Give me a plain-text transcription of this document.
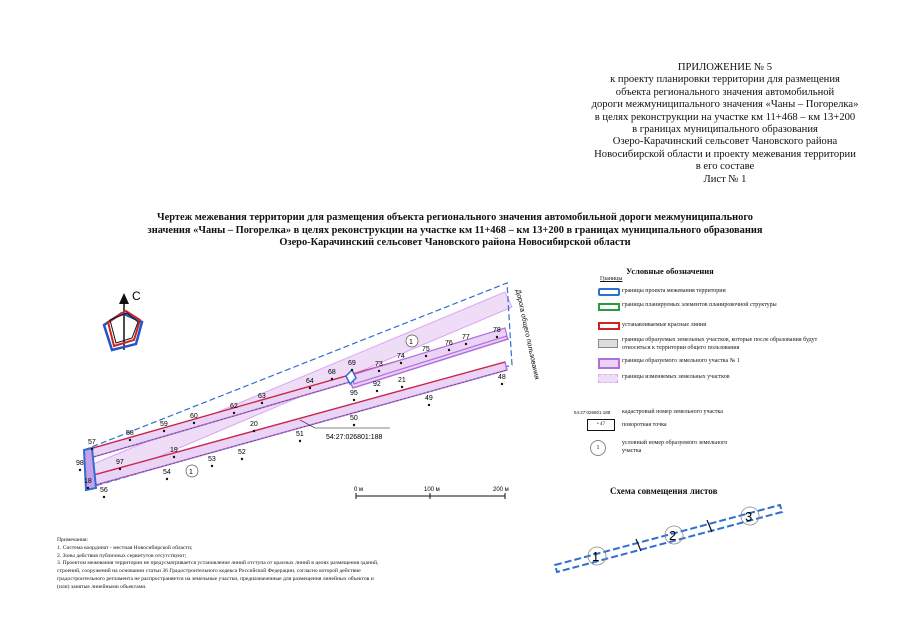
ПРИЛОЖЕНИЕ № 5
к проекту планировки территории для размещения
объекта регионального значения автомобильной
дороги межмуниципального значения «Чаны – Погорелка»
в целях реконструкции на участке км 11+468 – км 13+200
в границах муниципального образования
Озеро-Карачинский сельсовет Чановского района
Новосибирской области и проекту межевания территории
в его составе
Лист № 1
Чертеж межевания территории для размещения объекта регионального значения автомобильной дороги межмуниципального
значения «Чаны – Погорелка» в целях реконструкции на участке км 11+468 – км 13+200 в границах муниципального образования
Озеро-Карачинский сельсовет Чановского района Новосибирской области
С	Дорога общего пользования
54:27:026801:188
1
1
57
58
59
60
62
63
64
68
69	73
74
75
76
77
78
98	97
19
20
95
92
21
18
56
54
53
52
51
50
49
48
0 м	100 м	200 м
1
2
3
Условные обозначения
Границы
границы проекта межевания территории
границы планируемых элементов планировочной структуры
устанавливаемые красные линии
границы образуемых земельных участков, которые после образования будут относиться к территории общего пользования
границы образуемого земельного участка № 1
границы изменяемых земельных участков
54:27:026801:188 кадастровый номер земельного участка
• 47	поворотная точка
1
условный номер образуемого земельного участка
Схема совмещения листов
Примечания:
1. Система координат - местная Новосибирской области;
2. Зоны действия публичных сервитутов отсутствуют;
3. Проектом межевания территории не предусматривается установление линий отступа от красных линий в целях размещения зданий,
строений, сооружений на основании статьи 36 Градостроительного кодекса Российской Федерации, согласно которой действие
градостроительного регламента не распространяется на земельные участки, предназначенные для размещения линейных объектов и
(или) занятые линейными объектами.
